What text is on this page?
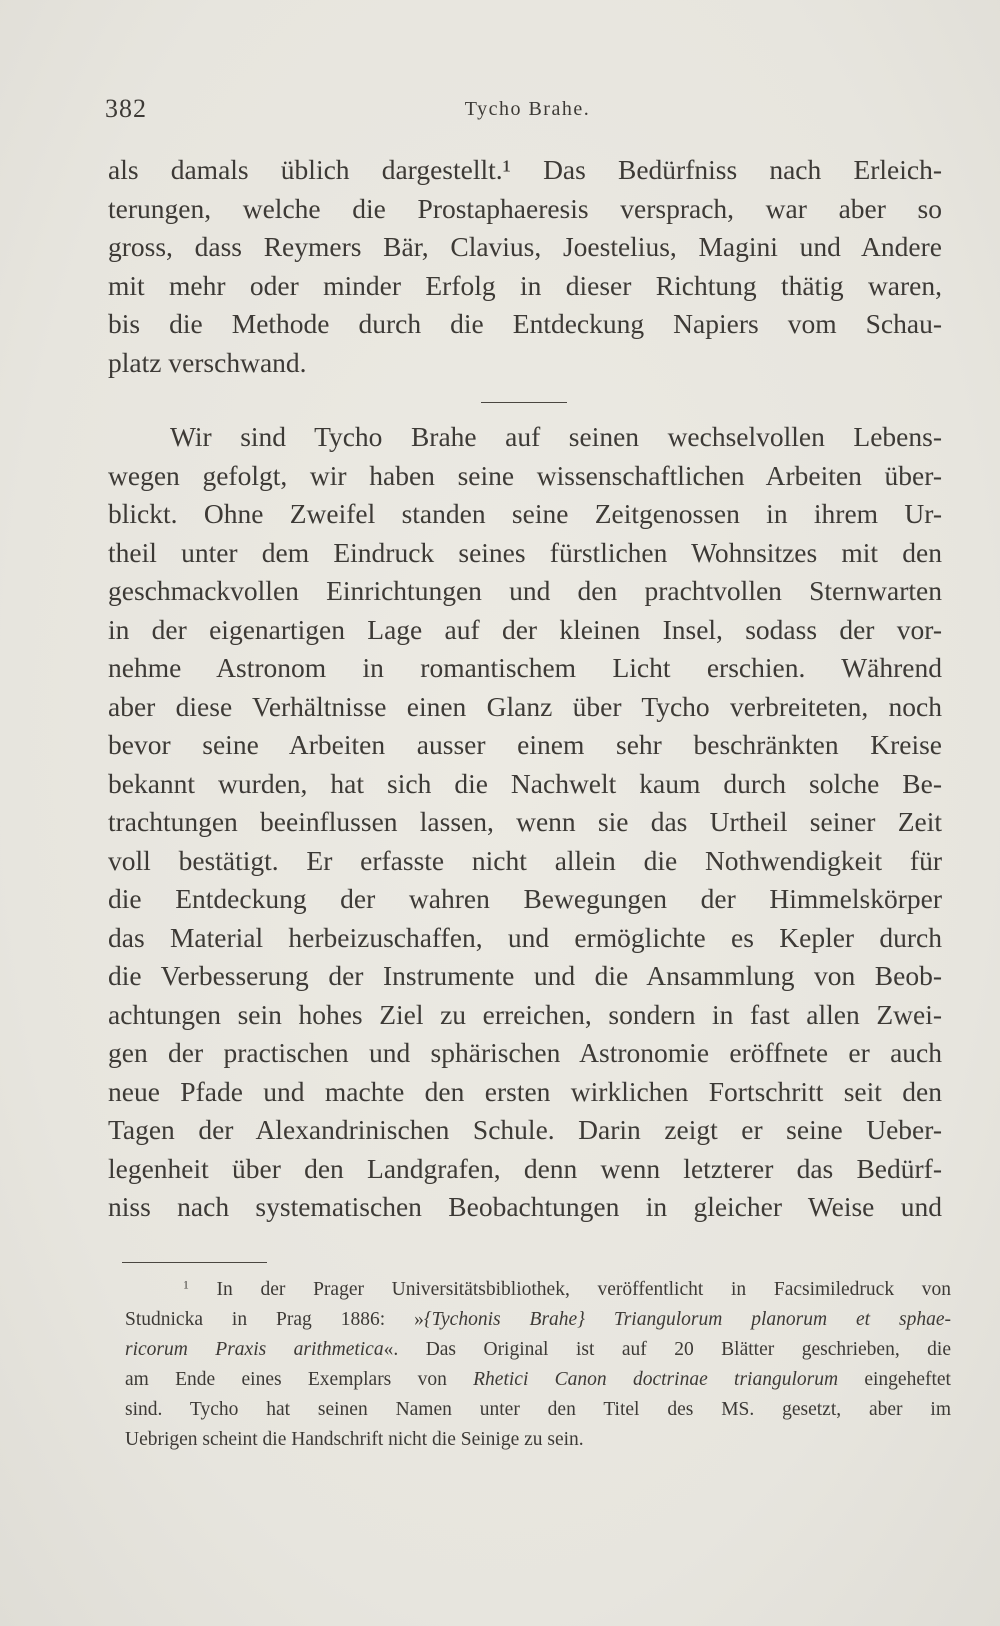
382	Tycho Brahe.
als damals üblich dargestellt.¹ Das Bedürfniss nach Erleich-
terungen, welche die Prostaphaeresis versprach, war aber so
gross, dass Reymers Bär, Clavius, Joestelius, Magini und Andere
mit mehr oder minder Erfolg in dieser Richtung thätig waren,
bis die Methode durch die Entdeckung Napiers vom Schau-
platz verschwand.
Wir sind Tycho Brahe auf seinen wechselvollen Lebens-
wegen gefolgt, wir haben seine wissenschaftlichen Arbeiten über-
blickt. Ohne Zweifel standen seine Zeitgenossen in ihrem Ur-
theil unter dem Eindruck seines fürstlichen Wohnsitzes mit den
geschmackvollen Einrichtungen und den prachtvollen Sternwarten
in der eigenartigen Lage auf der kleinen Insel, sodass der vor-
nehme Astronom in romantischem Licht erschien. Während
aber diese Verhältnisse einen Glanz über Tycho verbreiteten, noch
bevor seine Arbeiten ausser einem sehr beschränkten Kreise
bekannt wurden, hat sich die Nachwelt kaum durch solche Be-
trachtungen beeinflussen lassen, wenn sie das Urtheil seiner Zeit
voll bestätigt. Er erfasste nicht allein die Nothwendigkeit für
die Entdeckung der wahren Bewegungen der Himmelskörper
das Material herbeizuschaffen, und ermöglichte es Kepler durch
die Verbesserung der Instrumente und die Ansammlung von Beob-
achtungen sein hohes Ziel zu erreichen, sondern in fast allen Zwei-
gen der practischen und sphärischen Astronomie eröffnete er auch
neue Pfade und machte den ersten wirklichen Fortschritt seit den
Tagen der Alexandrinischen Schule. Darin zeigt er seine Ueber-
legenheit über den Landgrafen, denn wenn letzterer das Bedürf-
niss nach systematischen Beobachtungen in gleicher Weise und
$^1$ In der Prager Universitätsbibliothek, veröffentlicht in Facsimiledruck von
Studnicka in Prag 1886: »{Tychonis Brahe} Triangulorum planorum et sphae-
ricorum Praxis arithmetica«. Das Original ist auf 20 Blätter geschrieben, die
am Ende eines Exemplars von Rhetici Canon doctrinae triangulorum eingeheftet
sind. Tycho hat seinen Namen unter den Titel des MS. gesetzt, aber im
Uebrigen scheint die Handschrift nicht die Seinige zu sein.
